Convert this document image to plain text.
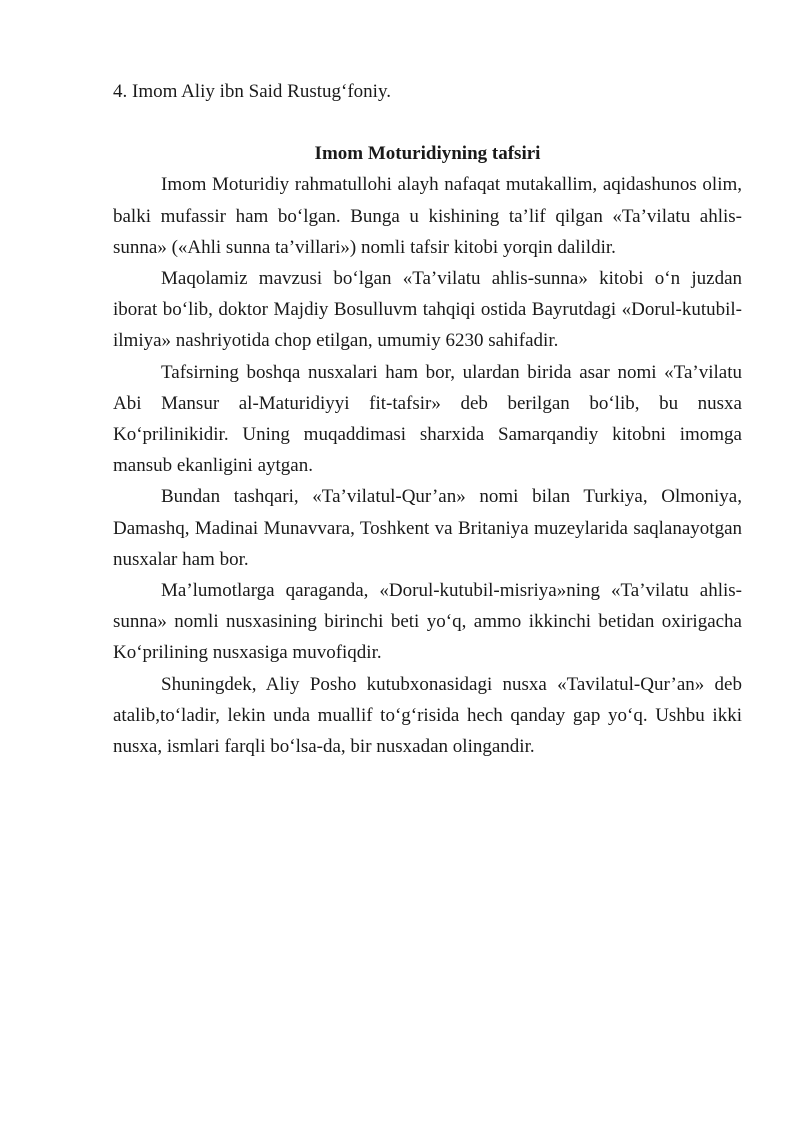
4. Imom Aliy ibn Said Rustug‘foniy.

Imom Moturidiyning tafsiri

Imom Moturidiy rahmatullohi alayh nafaqat mutakallim, aqidashunos olim, balki mufassir ham bo‘lgan. Bunga u kishining ta’lif qilgan «Ta’vilatu ahlis-sunna» («Ahli sunna ta’villari») nomli tafsir kitobi yorqin dalildir.

Maqolamiz mavzusi bo‘lgan «Ta’vilatu ahlis-sunna» kitobi o‘n juzdan iborat bo‘lib, doktor Majdiy Bosulluvm tahqiqi ostida Bayrutdagi «Dorul-kutubil-ilmiya» nashriyotida chop etilgan, umumiy 6230 sahifadir.

Tafsirning boshqa nusxalari ham bor, ulardan birida asar nomi «Ta’vilatu Abi Mansur al-Maturidiyyi fit-tafsir» deb berilgan bo‘lib, bu nusxa Ko‘prilinikidir. Uning muqaddimasi sharxida Samarqandiy kitobni imomga mansub ekanligini aytgan.

Bundan tashqari, «Ta’vilatul-Qur’an» nomi bilan Turkiya, Olmoniya, Damashq, Madinai Munavvara, Toshkent va Britaniya muzeylarida saqlanayotgan nusxalar ham bor.

Ma’lumotlarga qaraganda, «Dorul-kutubil-misriya»ning «Ta’vilatu ahlis-sunna» nomli nusxasining birinchi beti yo‘q, ammo ikkinchi betidan oxirigacha Ko‘prilining nusxasiga muvofiqdir.

Shuningdek, Aliy Posho kutubxonasidagi nusxa «Tavilatul-Qur’an» deb atalib,to‘ladir, lekin unda muallif to‘g‘risida hech qanday gap yo‘q. Ushbu ikki nusxa, ismlari farqli bo‘lsa-da, bir nusxadan olingandir.
